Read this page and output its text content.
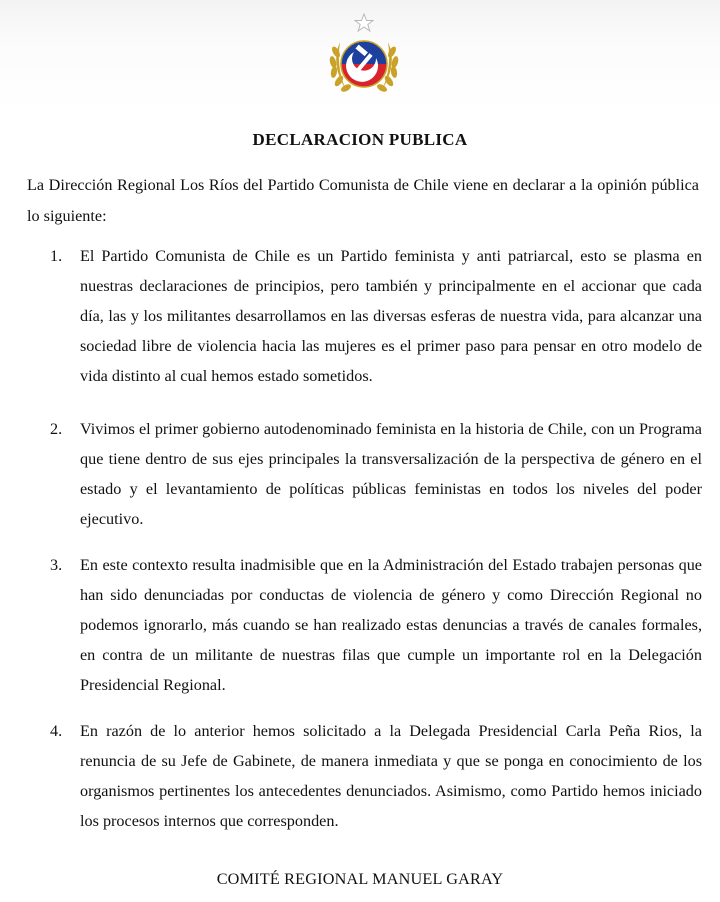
DECLARACION PUBLICA
La Dirección Regional Los Ríos del Partido Comunista de Chile viene en declarar a la opinión pública lo siguiente:
1.	El Partido Comunista de Chile es un Partido feminista y anti patriarcal, esto se plasma en nuestras declaraciones de principios, pero también y principalmente en el accionar que cada día, las y los militantes desarrollamos en las diversas esferas de nuestra vida, para alcanzar una sociedad libre de violencia hacia las mujeres es el primer paso para pensar en otro modelo de vida distinto al cual hemos estado sometidos.
2.	Vivimos el primer gobierno autodenominado feminista en la historia de Chile, con un Programa que tiene dentro de sus ejes principales la transversalización de la perspectiva de género en el estado y el levantamiento de políticas públicas feministas en todos los niveles del poder ejecutivo.
3.	En este contexto resulta inadmisible que en la Administración del Estado trabajen personas que han sido denunciadas por conductas de violencia de género y como Dirección Regional no podemos ignorarlo, más cuando se han realizado estas denuncias a través de canales formales, en contra de un militante de nuestras filas que cumple un importante rol en la Delegación Presidencial Regional.
4.	En razón de lo anterior hemos solicitado a la Delegada Presidencial Carla Peña Rios, la renuncia de su Jefe de Gabinete, de manera inmediata y que se ponga en conocimiento de los organismos pertinentes los antecedentes denunciados. Asimismo, como Partido hemos iniciado los procesos internos que corresponden.
COMITÉ REGIONAL MANUEL GARAY
